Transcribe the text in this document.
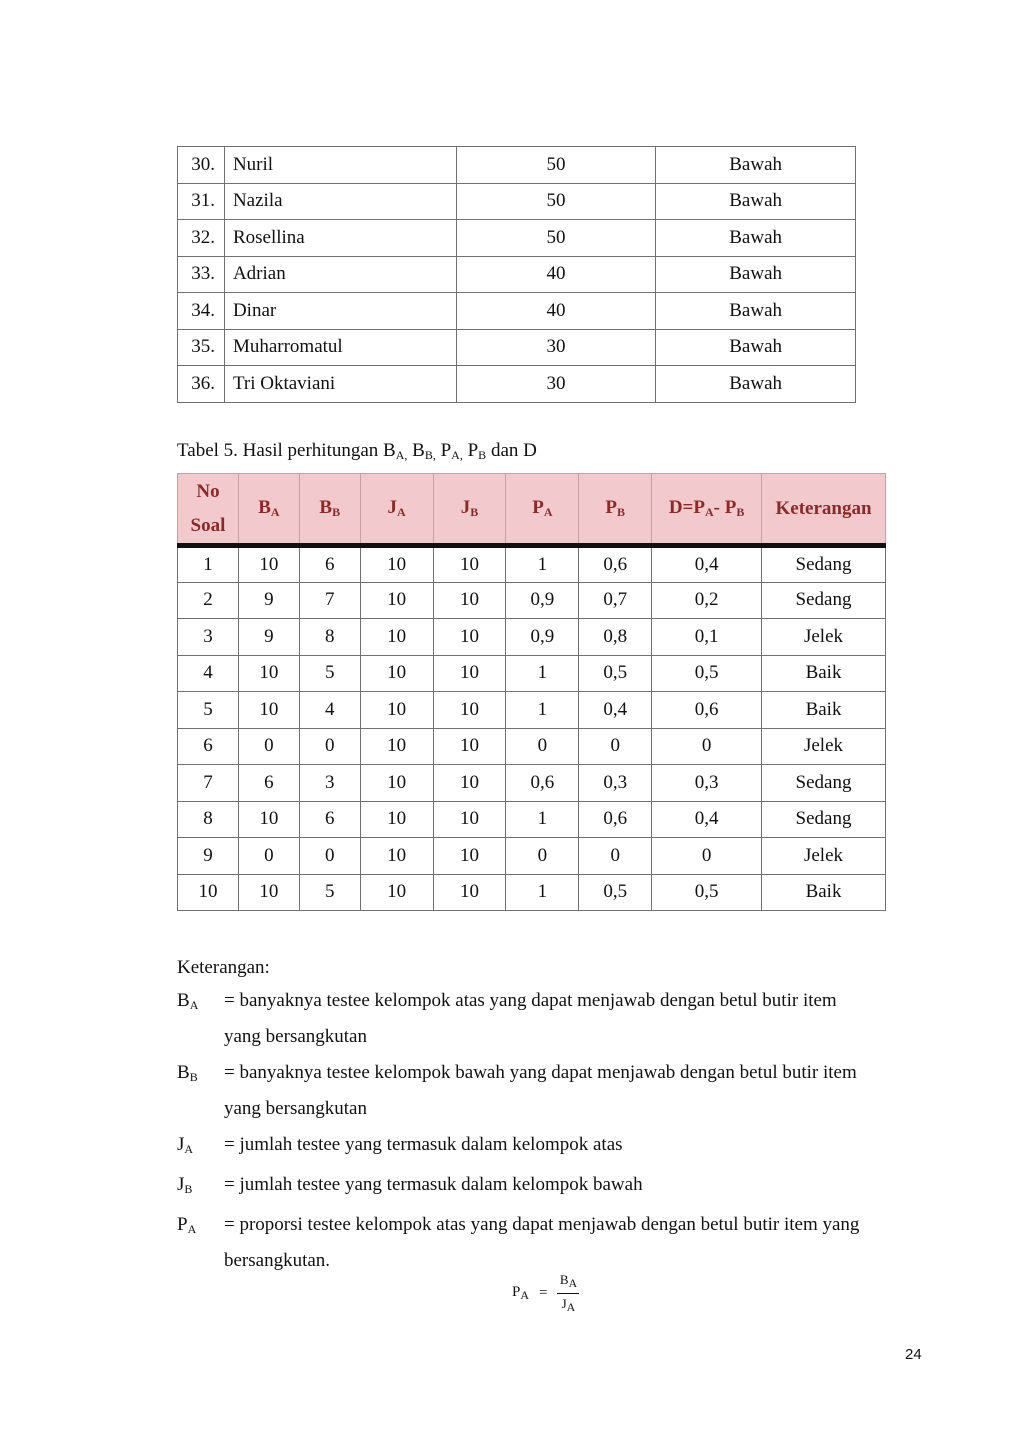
30.	Nuril	50	Bawah
31.	Nazila	50	Bawah
32.	Rosellina	50	Bawah
33.	Adrian	40	Bawah
34.	Dinar	40	Bawah
35.	Muharromatul	30	Bawah
36.	Tri Oktaviani	30	Bawah
Tabel 5. Hasil perhitungan $B_{A,}$ $B_{B,}$ $P_{A,}$ $P_B$ dan D
No
Soal	$B_A$	$B_B$	$J_A$	$J_B$	$P_A$	$P_B$	$D=P_A-$ $P_B$	Keterangan
1	10	6	10	10	1	0,6	0,4	Sedang
2	9	7	10	10	0,9	0,7	0,2	Sedang
3	9	8	10	10	0,9	0,8	0,1	Jelek
4	10	5	10	10	1	0,5	0,5	Baik
5	10	4	10	10	1	0,4	0,6	Baik
6	0	0	10	10	0	0	0	Jelek
7	6	3	10	10	0,6	0,3	0,3	Sedang
8	10	6	10	10	1	0,6	0,4	Sedang
9	0	0	10	10	0	0	0	Jelek
10	10	5	10	10	1	0,5	0,5	Baik
Keterangan:
$B_A$	= banyaknya testee kelompok atas yang dapat menjawab dengan betul butir item
yang bersangkutan
$B_B$	= banyaknya testee kelompok bawah yang dapat menjawab dengan betul butir item
yang bersangkutan
$J_A$	= jumlah testee yang termasuk dalam kelompok atas
$J_B$	= jumlah testee yang termasuk dalam kelompok bawah
$P_A$	= proporsi testee kelompok atas yang dapat menjawab dengan betul butir item yang
bersangkutan.
$P_A = \frac{B_A}{J_A}$
24
